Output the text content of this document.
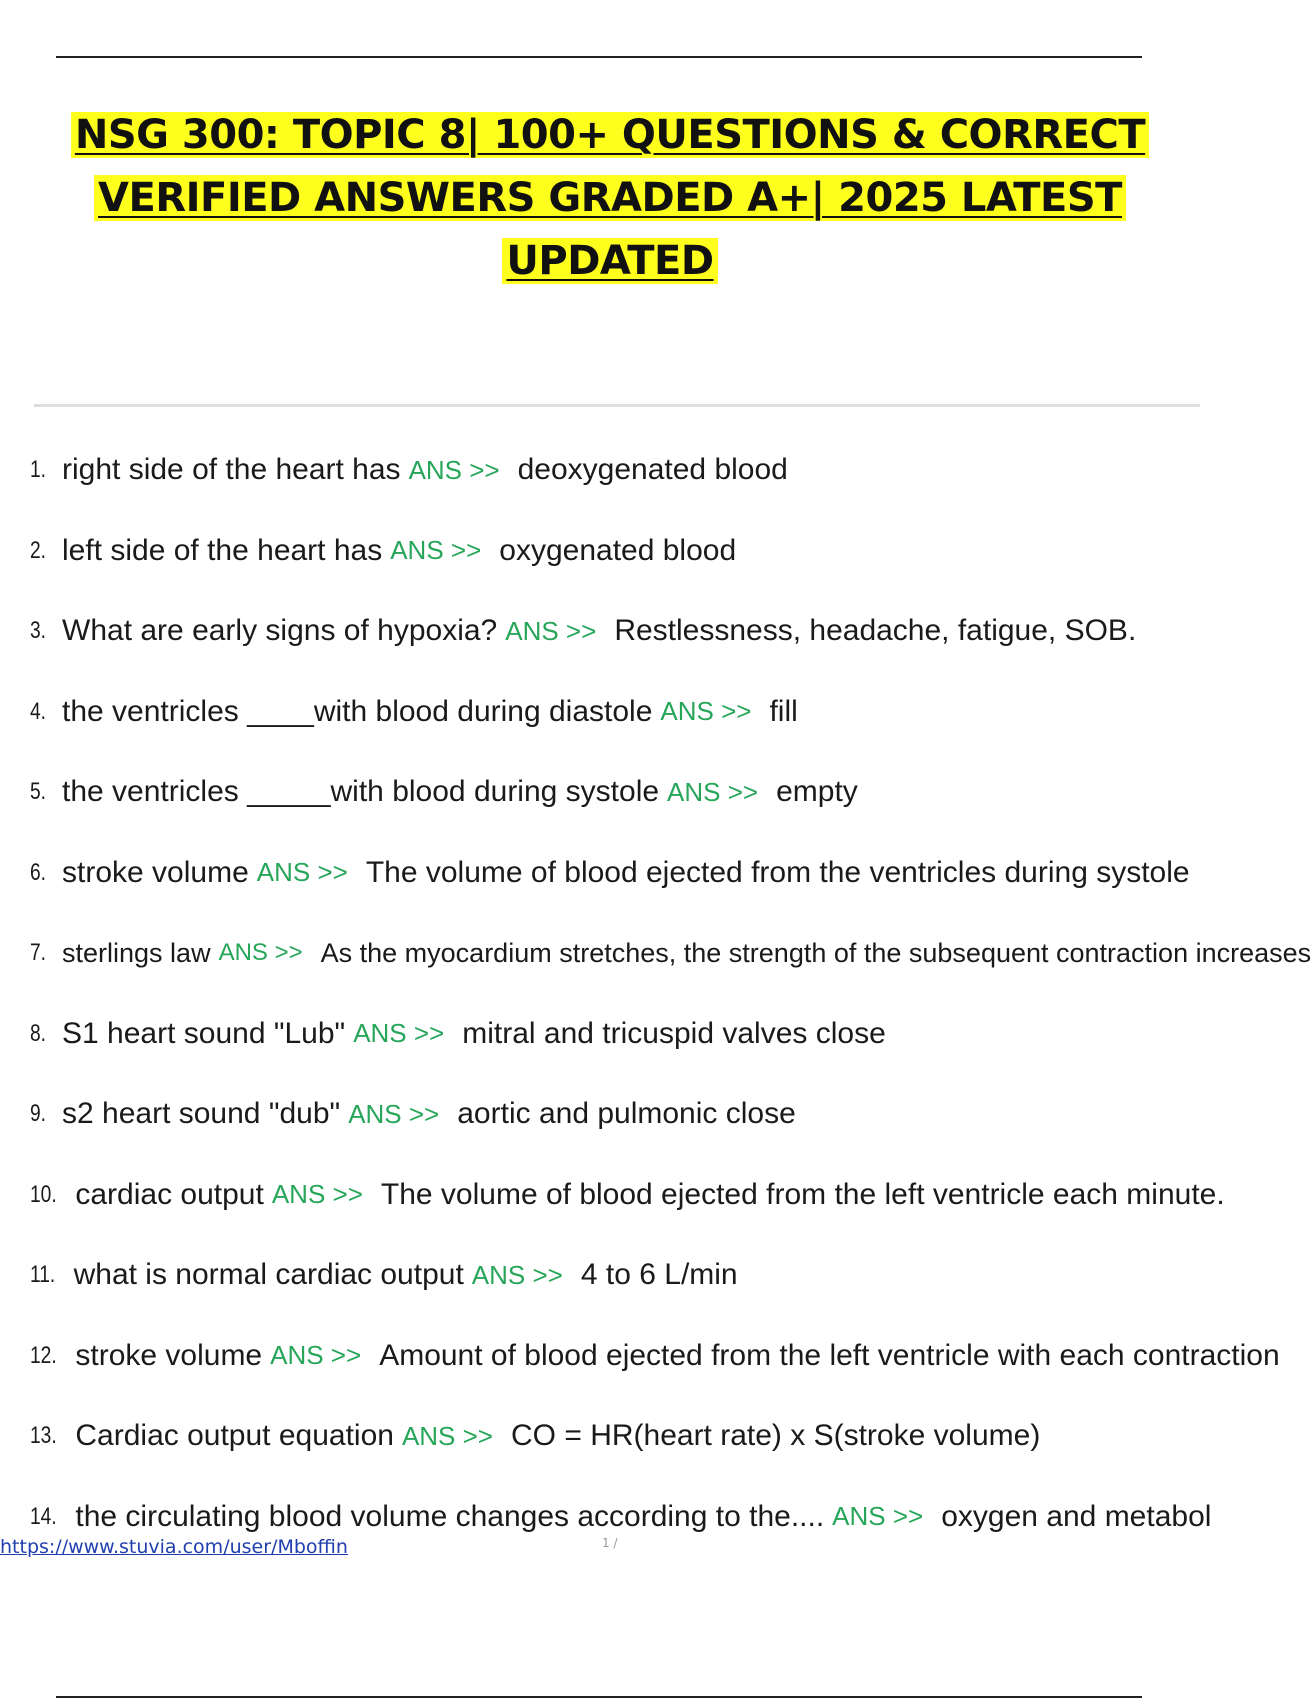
NSG 300: TOPIC 8| 100+ QUESTIONS & CORRECT
VERIFIED ANSWERS GRADED A+| 2025 LATEST
UPDATED
1. right side of the heart has ANS >> deoxygenated blood
2. left side of the heart has ANS >> oxygenated blood
3. What are early signs of hypoxia? ANS >> Restlessness, headache, fatigue, SOB.
4. the ventricles ____with blood during diastole ANS >> fill
5. the ventricles _____with blood during systole ANS >> empty
6. stroke volume ANS >> The volume of blood ejected from the ventricles during systole
7. sterlings law ANS >> As the myocardium stretches, the strength of the subsequent contraction increases
8. S1 heart sound "Lub" ANS >> mitral and tricuspid valves close
9. s2 heart sound "dub" ANS >> aortic and pulmonic close
10. cardiac output ANS >> The volume of blood ejected from the left ventricle each minute.
11. what is normal cardiac output ANS >> 4 to 6 L/min
12. stroke volume ANS >> Amount of blood ejected from the left ventricle with each contraction
13. Cardiac output equation ANS >> CO = HR(heart rate) x S(stroke volume)
14. the circulating blood volume changes according to the.... ANS >> oxygen and metabol
https://www.stuvia.com/user/Mboffin	1 /
